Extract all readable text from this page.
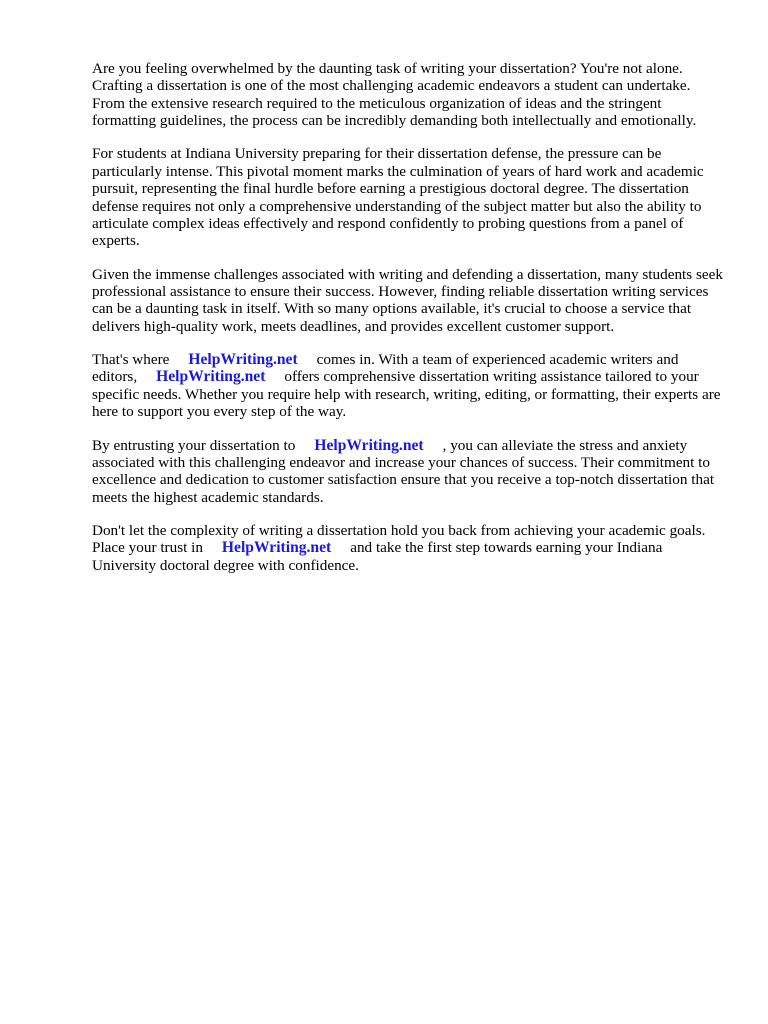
Are you feeling overwhelmed by the daunting task of writing your dissertation? You're not alone. Crafting a dissertation is one of the most challenging academic endeavors a student can undertake. From the extensive research required to the meticulous organization of ideas and the stringent formatting guidelines, the process can be incredibly demanding both intellectually and emotionally.

For students at Indiana University preparing for their dissertation defense, the pressure can be particularly intense. This pivotal moment marks the culmination of years of hard work and academic pursuit, representing the final hurdle before earning a prestigious doctoral degree. The dissertation defense requires not only a comprehensive understanding of the subject matter but also the ability to articulate complex ideas effectively and respond confidently to probing questions from a panel of experts.

Given the immense challenges associated with writing and defending a dissertation, many students seek professional assistance to ensure their success. However, finding reliable dissertation writing services can be a daunting task in itself. With so many options available, it's crucial to choose a service that delivers high-quality work, meets deadlines, and provides excellent customer support.

That's where  HelpWriting.net  comes in. With a team of experienced academic writers and editors,  HelpWriting.net  offers comprehensive dissertation writing assistance tailored to your specific needs. Whether you require help with research, writing, editing, or formatting, their experts are here to support you every step of the way.

By entrusting your dissertation to  HelpWriting.net  , you can alleviate the stress and anxiety associated with this challenging endeavor and increase your chances of success. Their commitment to excellence and dedication to customer satisfaction ensure that you receive a top-notch dissertation that meets the highest academic standards.

Don't let the complexity of writing a dissertation hold you back from achieving your academic goals. Place your trust in  HelpWriting.net  and take the first step towards earning your Indiana University doctoral degree with confidence.
